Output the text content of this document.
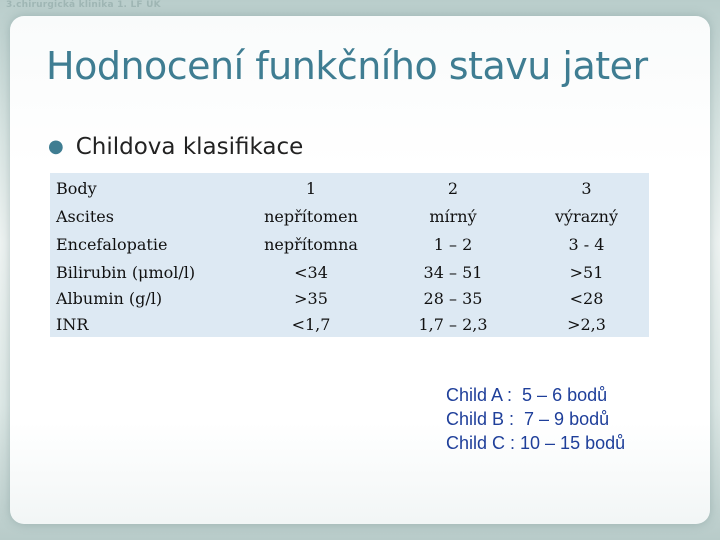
3.chirurgická klinika 1. LF UK
Hodnocení funkčního stavu jater
● Childova klasifikace
Body	1	2	3
Ascites	nepřítomen	mírný	výrazný
Encefalopatie	nepřítomna	1 – 2	3 - 4
Bilirubin (μmol/l)	<34	34 – 51	>51
Albumin (g/l)	>35	28 – 35	<28
INR	<1,7	1,7 – 2,3	>2,3
Child A :  5 – 6 bodů
Child B :  7 – 9 bodů
Child C : 10 – 15 bodů
